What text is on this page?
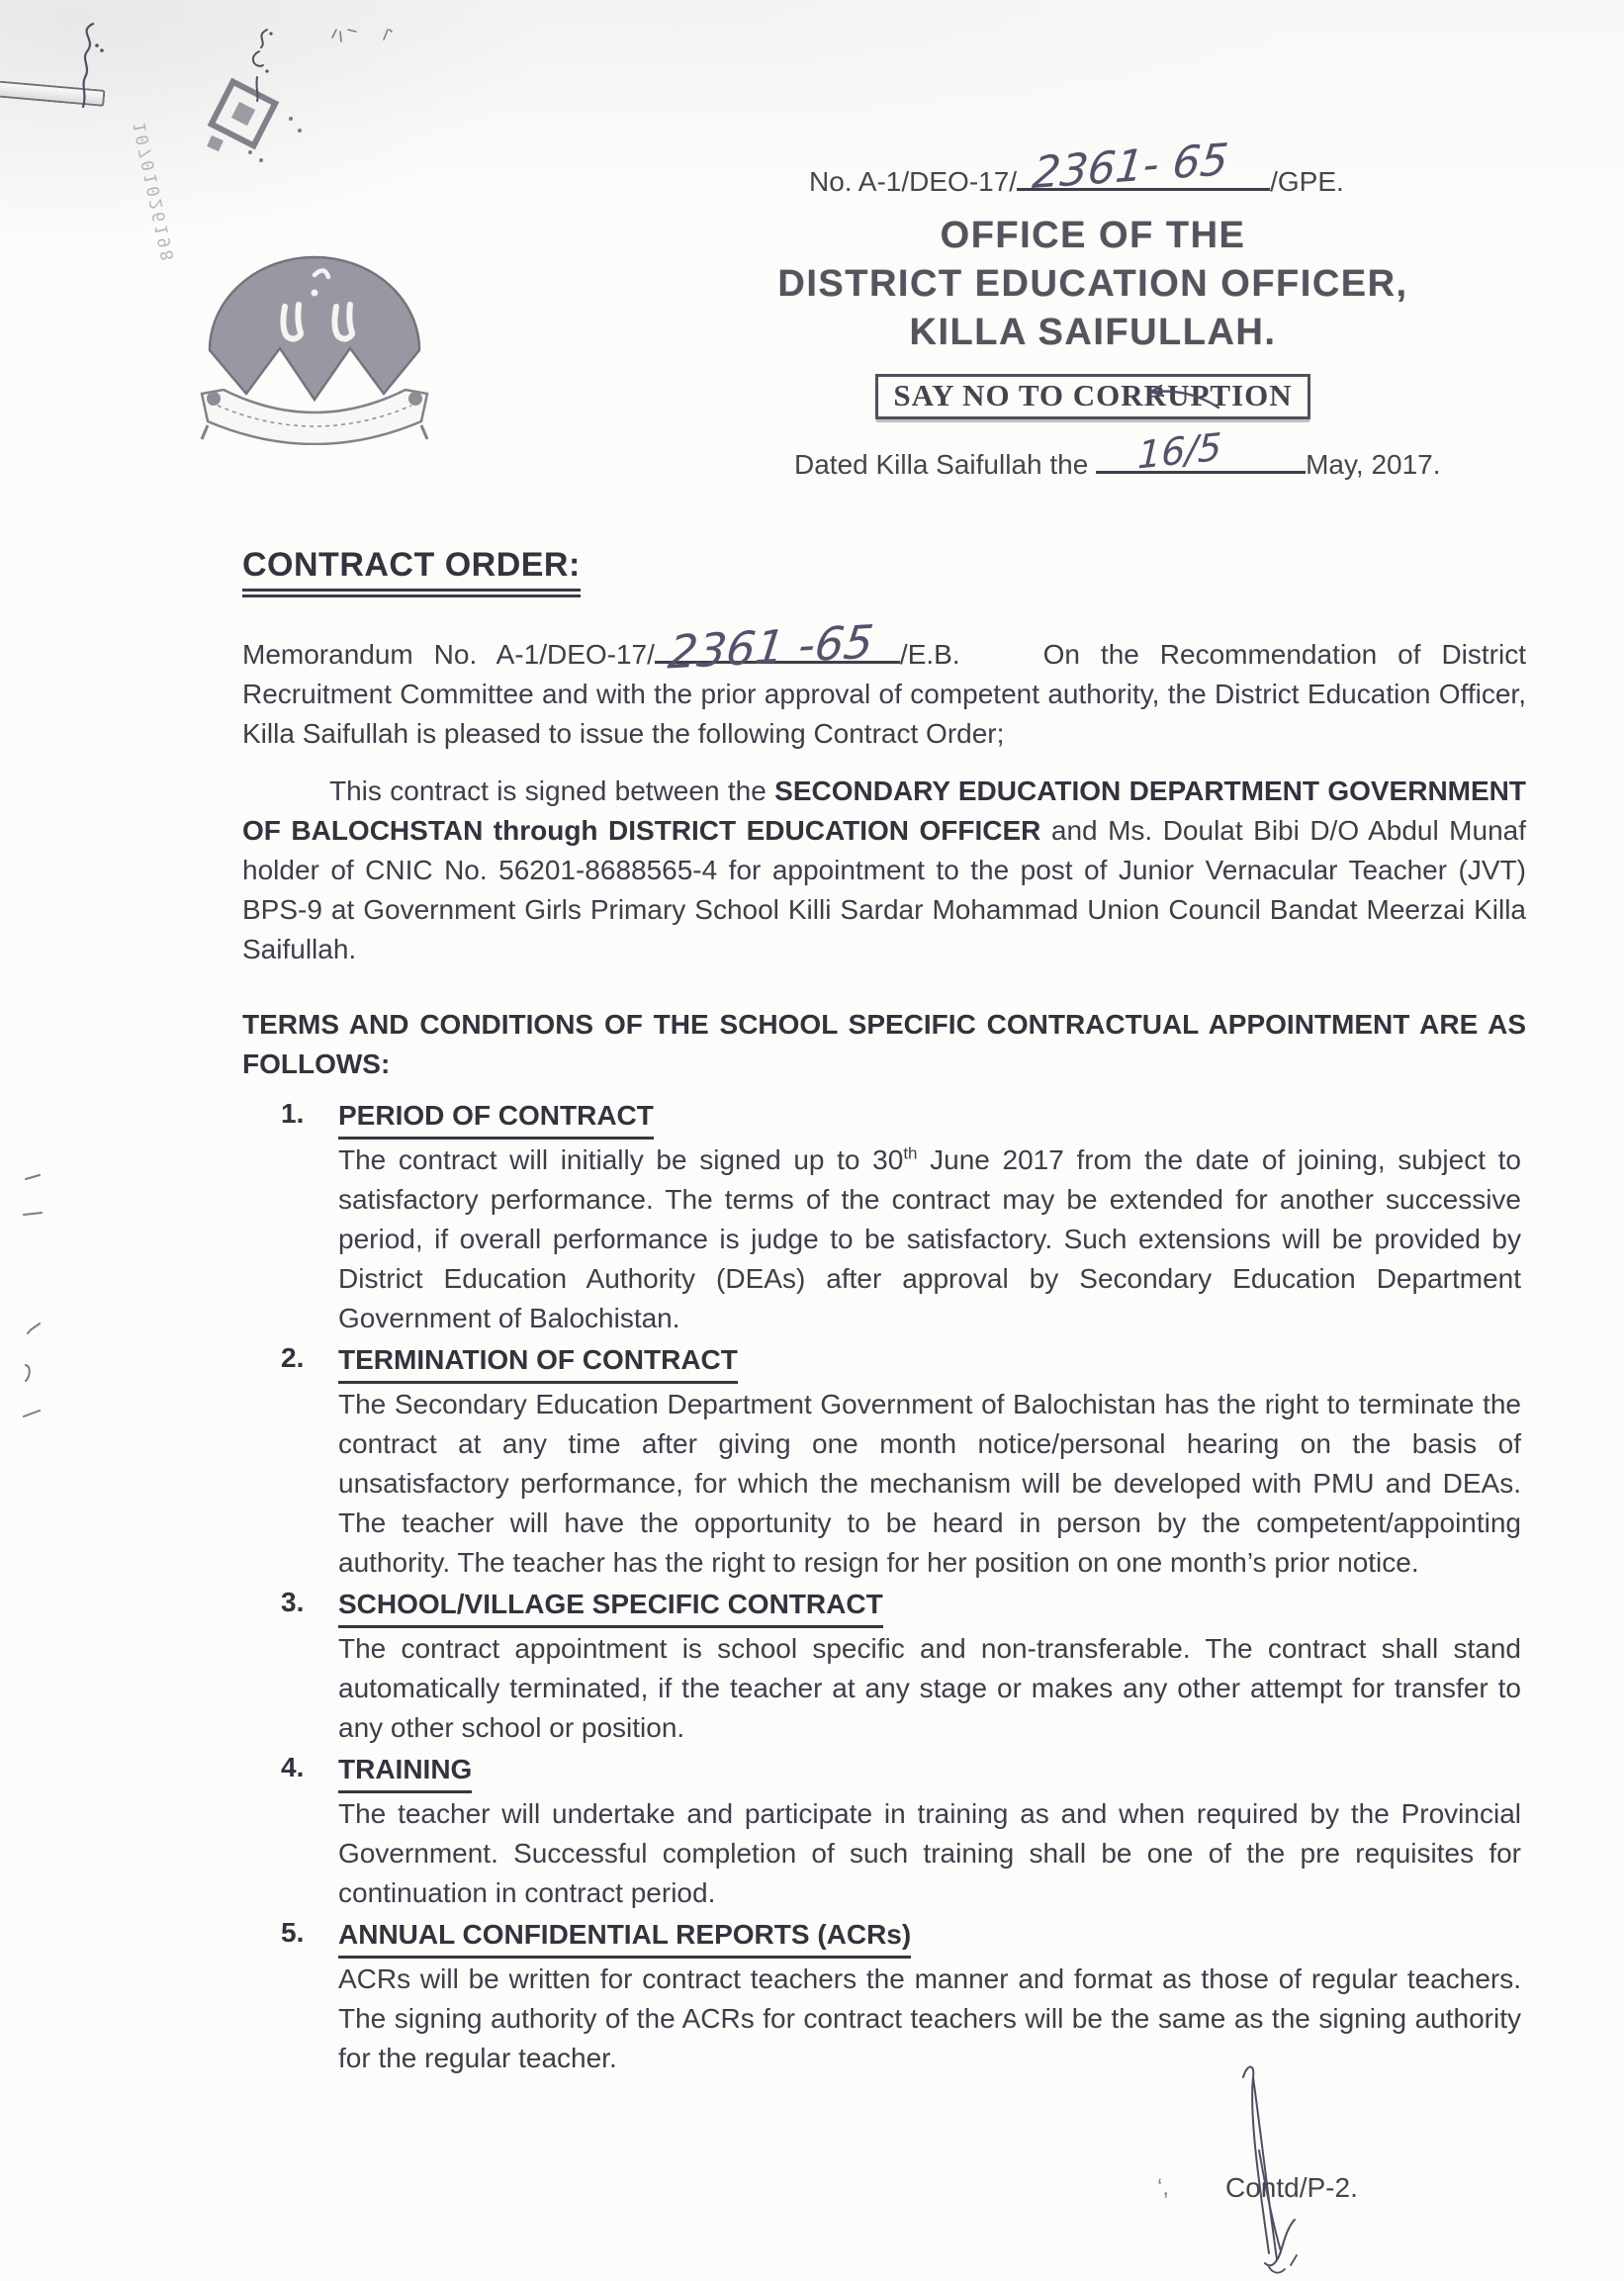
10701026198	No. A-1/DEO-17/ 2361- 65 /GPE.
OFFICE OF THE
DISTRICT EDUCATION OFFICER,
KILLA SAIFULLAH.
SAY NO TO CORRUPTION
Dated Killa Saifullah the
16/5	May, 2017.
CONTRACT ORDER:

Memorandum No. A-1/DEO-17/ 2361 -65 /E.B.	On the Recommendation of District Recruitment Committee and with the prior approval of competent authority, the District Education Officer, Killa Saifullah is pleased to issue the following Contract Order;

This contract is signed between the SECONDARY EDUCATION DEPARTMENT GOVERNMENT OF BALOCHSTAN through DISTRICT EDUCATION OFFICER and Ms. Doulat Bibi D/O Abdul Munaf holder of CNIC No. 56201-8688565-4 for appointment to the post of Junior Vernacular Teacher (JVT) BPS-9 at Government Girls Primary School Killi Sardar Mohammad Union Council Bandat Meerzai Killa Saifullah.

TERMS AND CONDITIONS OF THE SCHOOL SPECIFIC CONTRACTUAL APPOINTMENT ARE AS FOLLOWS:

1. PERIOD OF CONTRACT

The contract will initially be signed up to 30th June 2017 from the date of joining, subject to satisfactory performance. The terms of the contract may be extended for another successive period, if overall performance is judge to be satisfactory. Such extensions will be provided by District Education Authority (DEAs) after approval by Secondary Education Department Government of Balochistan.

2. TERMINATION OF CONTRACT

The Secondary Education Department Government of Balochistan has the right to terminate the contract at any time after giving one month notice/personal hearing on the basis of unsatisfactory performance, for which the mechanism will be developed with PMU and DEAs. The teacher will have the opportunity to be heard in person by the competent/appointing authority. The teacher has the right to resign for her position on one month’s prior notice.

3. SCHOOL/VILLAGE SPECIFIC CONTRACT

The contract appointment is school specific and non-transferable. The contract shall stand automatically terminated, if the teacher at any stage or makes any other attempt for transfer to any other school or position.

4. TRAINING

The teacher will undertake and participate in training as and when required by the Provincial Government. Successful completion of such training shall be one of the pre requisites for continuation in contract period.

5. ANNUAL CONFIDENTIAL REPORTS (ACRs)

ACRs will be written for contract teachers the manner and format as those of regular teachers. The signing authority of the ACRs for contract teachers will be the same as the signing authority for the regular teacher.

‘, Contd/P-2.
